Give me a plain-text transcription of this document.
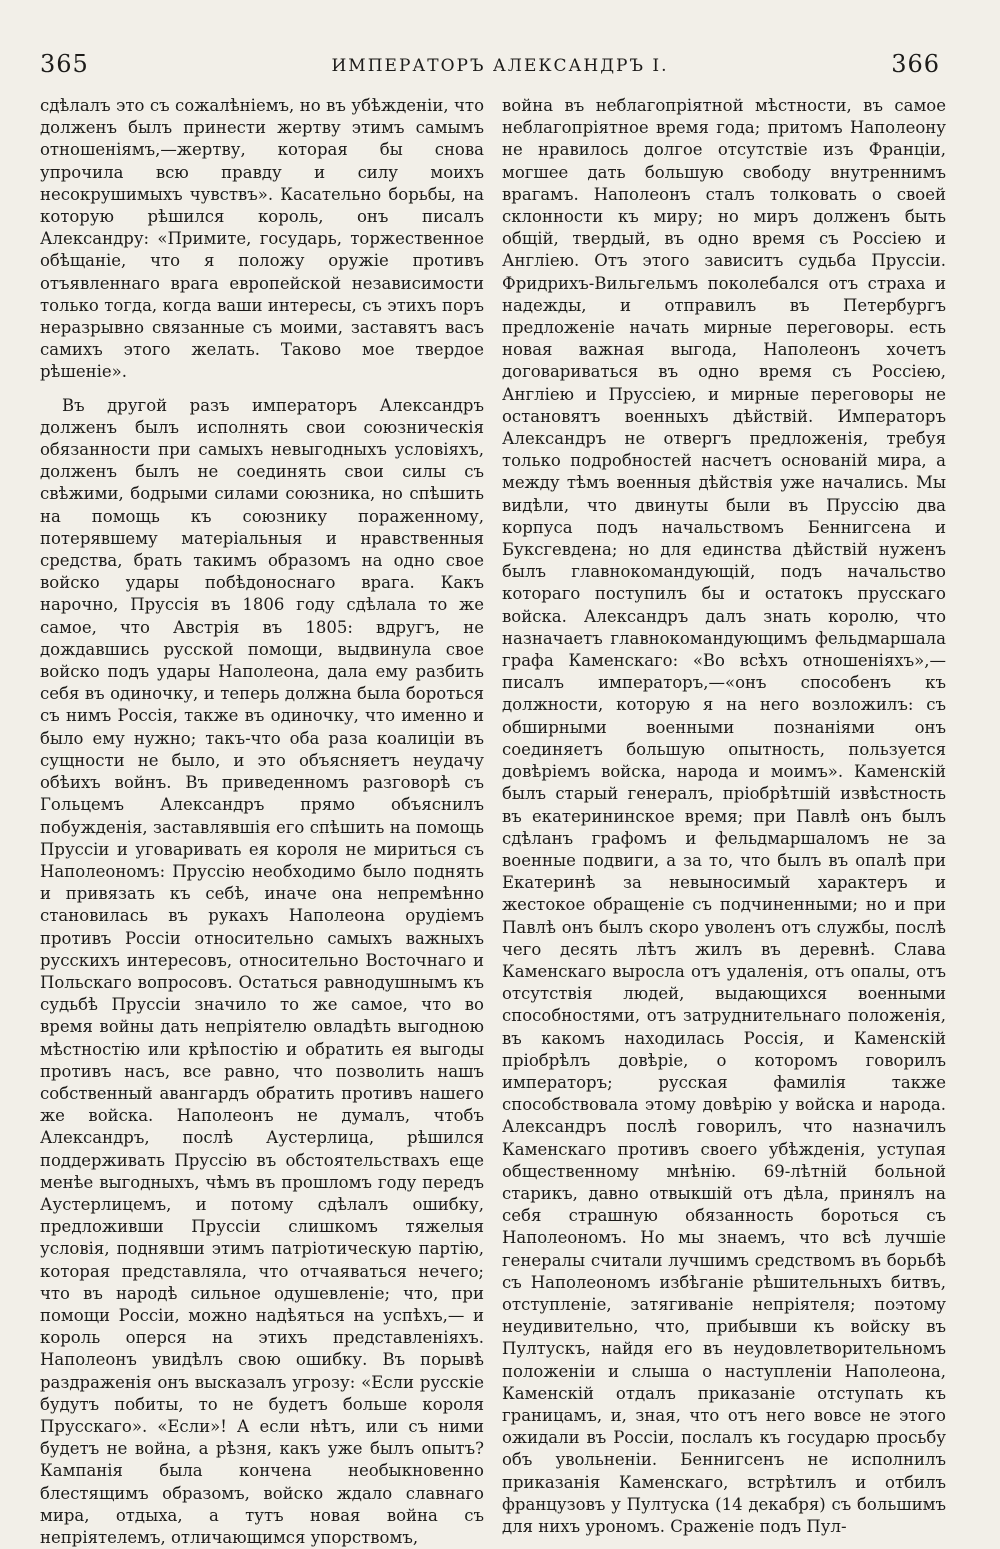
365	ИМПЕРАТОРЪ АЛЕКСАНДРЪ I.	366

сдѣлалъ это съ сожалѣніемъ, но въ убѣжденіи, что долженъ былъ принести жертву этимъ самымъ отношеніямъ,—жертву, которая бы снова упрочила всю правду и силу моихъ несокрушимыхъ чувствъ». Касательно борьбы, на которую рѣшился король, онъ писалъ Александру: «Примите, государь, торжественное обѣщаніе, что я положу оружіе противъ отъявленнаго врага европейской независимости только тогда, когда ваши интересы, съ этихъ поръ неразрывно связанные съ моими, заставятъ васъ самихъ этого желать. Таково мое твердое рѣшеніе».

Въ другой разъ императоръ Александръ долженъ былъ исполнять свои союзническія обязанности при самыхъ невыгодныхъ условіяхъ, долженъ былъ не соединять свои силы съ свѣжими, бодрыми силами союзника, но спѣшить на помощь къ союзнику пораженному, потерявшему матеріальныя и нравственныя средства, брать такимъ образомъ на одно свое войско удары побѣдоноснаго врага. Какъ нарочно, Пруссія въ 1806 году сдѣлала то же самое, что Австрія въ 1805: вдругъ, не дождавшись русской помощи, выдвинула свое войско подъ удары Наполеона, дала ему разбить себя въ одиночку, и теперь должна была бороться съ нимъ Россія, также въ одиночку, что именно и было ему нужно; такъ-что оба раза коалиціи въ сущности не было, и это объясняетъ неудачу обѣихъ войнъ. Въ приведенномъ разговорѣ съ Гольцемъ Александръ прямо объяснилъ побужденія, заставлявшія его спѣшить на помощь Пруссіи и уговаривать ея короля не мириться съ Наполеономъ: Пруссію необходимо было поднять и привязать къ себѣ, иначе она непремѣнно становилась въ рукахъ Наполеона орудіемъ противъ Россіи относительно самыхъ важныхъ русскихъ интересовъ, относительно Восточнаго и Польскаго вопросовъ. Остаться равнодушнымъ къ судьбѣ Пруссіи значило то же самое, что во время войны дать непріятелю овладѣть выгодною мѣстностію или крѣпостію и обратить ея выгоды противъ насъ, все равно, что позволить нашъ собственный авангардъ обратить противъ нашего же войска. Наполеонъ не думалъ, чтобъ Александръ, послѣ Аустерлица, рѣшился поддерживать Пруссію въ обстоятельствахъ еще менѣе выгодныхъ, чѣмъ въ прошломъ году передъ Аустерлицемъ, и потому сдѣлалъ ошибку, предложивши Пруссіи слишкомъ тяжелыя условія, поднявши этимъ патріотическую партію, которая представляла, что отчаяваться нечего; что въ народѣ сильное одушевленіе; что, при помощи Россіи, можно надѣяться на успѣхъ,— и король оперся на этихъ представленіяхъ. Наполеонъ увидѣлъ свою ошибку. Въ порывѣ раздраженія онъ высказалъ угрозу: «Если русскіе будутъ побиты, то не будетъ больше короля Прусскаго». «Если»! А если нѣтъ, или съ ними будетъ не война, а рѣзня, какъ уже былъ опытъ? Кампанія была кончена необыкновенно блестящимъ образомъ, войско ждало славнаго мира, отдыха, а тутъ новая война съ непріятелемъ, отличающимся упорствомъ,

война въ неблагопріятной мѣстности, въ самое неблагопріятное время года; притомъ Наполеону не нравилось долгое отсутствіе изъ Франціи, могшее дать большую свободу внутреннимъ врагамъ. Наполеонъ сталъ толковать о своей склонности къ миру; но миръ долженъ быть общій, твердый, въ одно время съ Россіею и Англіею. Отъ этого зависитъ судьба Пруссіи. Фридрихъ-Вильгельмъ поколебался отъ страха и надежды, и отправилъ въ Петербургъ предложеніе начать мирные переговоры. есть новая важная выгода, Наполеонъ хочетъ договариваться въ одно время съ Россіею, Англіею и Пруссіею, и мирные переговоры не остановятъ военныхъ дѣйствій. Императоръ Александръ не отвергъ предложенія, требуя только подробностей насчетъ основаній мира, а между тѣмъ военныя дѣйствія уже начались. Мы видѣли, что двинуты были въ Пруссію два корпуса подъ начальствомъ Беннигсена и Буксгевдена; но для единства дѣйствій нуженъ былъ главнокомандующій, подъ начальство котораго поступилъ бы и остатокъ прусскаго войска. Александръ далъ знать королю, что назначаетъ главнокомандующимъ фельдмаршала графа Каменскаго: «Во всѣхъ отношеніяхъ»,— писалъ императоръ,—«онъ способенъ къ должности, которую я на него возложилъ: съ обширными военными познаніями онъ соединяетъ большую опытность, пользуется довѣріемъ войска, народа и моимъ». Каменскій былъ старый генералъ, пріобрѣтшій извѣстность въ екатерининское время; при Павлѣ онъ былъ сдѣланъ графомъ и фельдмаршаломъ не за военные подвиги, а за то, что былъ въ опалѣ при Екатеринѣ за невыносимый характеръ и жестокое обращеніе съ подчиненными; но и при Павлѣ онъ былъ скоро уволенъ отъ службы, послѣ чего десять лѣтъ жилъ въ деревнѣ. Слава Каменскаго выросла отъ удаленія, отъ опалы, отъ отсутствія людей, выдающихся военными способностями, отъ затруднительнаго положенія, въ какомъ находилась Россія, и Каменскій пріобрѣлъ довѣріе, о которомъ говорилъ императоръ; русская фамилія также способствовала этому довѣрію у войска и народа. Александръ послѣ говорилъ, что назначилъ Каменскаго противъ своего убѣжденія, уступая общественному мнѣнію. 69-лѣтній больной старикъ, давно отвыкшій отъ дѣла, принялъ на себя страшную обязанность бороться съ Наполеономъ. Но мы знаемъ, что всѣ лучшіе генералы считали лучшимъ средствомъ въ борьбѣ съ Наполеономъ избѣганіе рѣшительныхъ битвъ, отступленіе, затягиваніе непріятеля; поэтому неудивительно, что, прибывши къ войску въ Пултускъ, найдя его въ неудовлетворительномъ положеніи и слыша о наступленіи Наполеона, Каменскій отдалъ приказаніе отступать къ границамъ, и, зная, что отъ него вовсе не этого ожидали въ Россіи, послалъ къ государю просьбу объ увольненіи. Беннигсенъ не исполнилъ приказанія Каменскаго, встрѣтилъ и отбилъ французовъ у Пултуска (14 декабря) съ большимъ для нихъ урономъ. Сраженіе подъ Пул-
